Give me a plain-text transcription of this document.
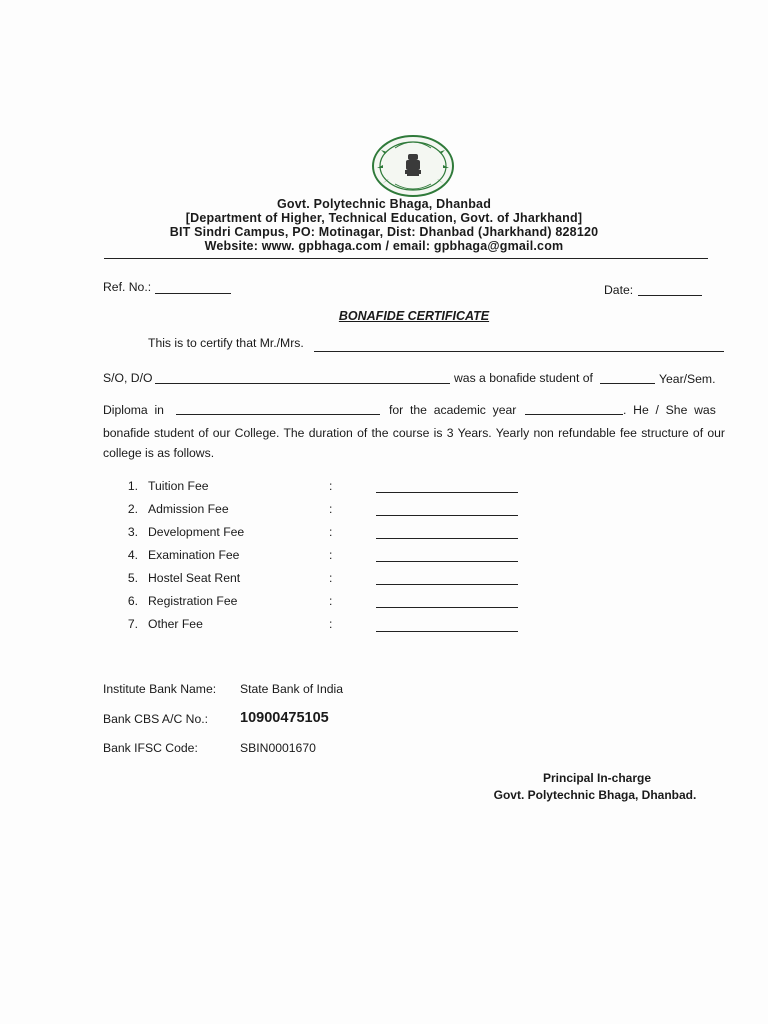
Govt. Polytechnic Bhaga, Dhanbad
[Department of Higher, Technical Education, Govt. of Jharkhand]
BIT Sindri Campus, PO: Motinagar, Dist: Dhanbad (Jharkhand) 828120
Website: www. gpbhaga.com / email: gpbhaga@gmail.com
Ref. No.:	Date:
BONAFIDE CERTIFICATE
This is to certify that Mr./Mrs.
S/O, D/O	was a bonafide student of	Year/Sem.
Diploma  in	for  the  academic  year	.  He  /  She  was
bonafide student of our College. The duration of the course is 3 Years. Yearly non refundable fee structure of our college is as follows.
1. Tuition Fee	:
2. Admission Fee	:
3. Development Fee	:
4. Examination Fee	:
5. Hostel Seat Rent	:
6. Registration Fee	:
7. Other Fee	:
Institute Bank Name: State Bank of India
Bank CBS A/C No.: 10900475105
Bank IFSC Code:	SBIN0001670
Principal In-charge
Govt. Polytechnic Bhaga, Dhanbad.
